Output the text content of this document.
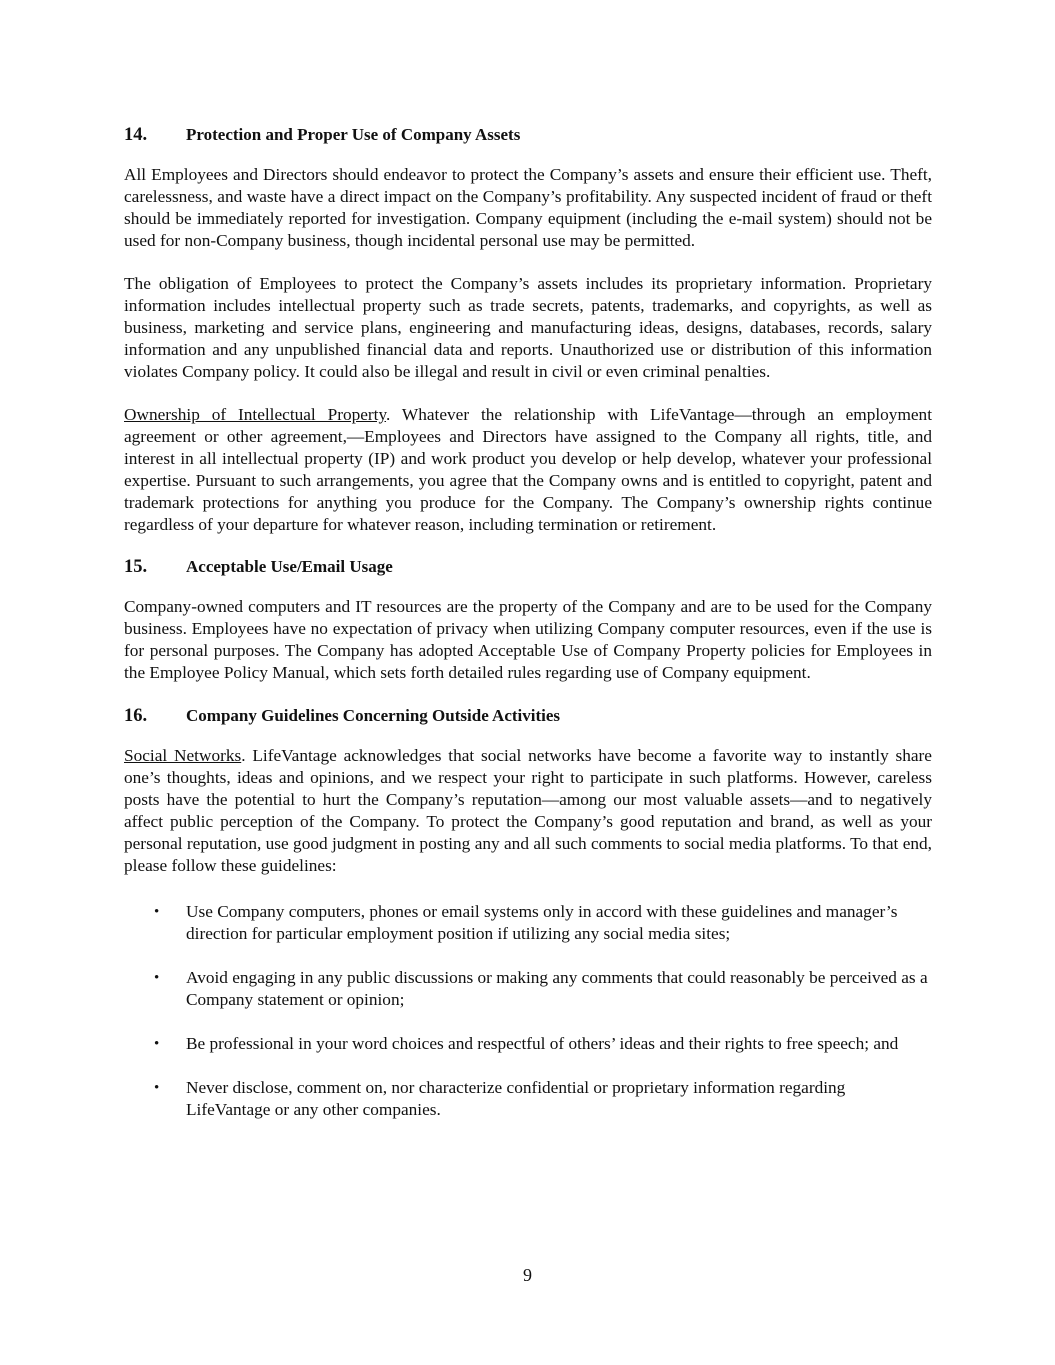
14.	Protection and Proper Use of Company Assets

All Employees and Directors should endeavor to protect the Company’s assets and ensure their efficient use. Theft, carelessness, and waste have a direct impact on the Company’s profitability. Any suspected incident of fraud or theft should be immediately reported for investigation. Company equipment (including the e-mail system) should not be used for non-Company business, though incidental personal use may be permitted.

The obligation of Employees to protect the Company’s assets includes its proprietary information. Proprietary information includes intellectual property such as trade secrets, patents, trademarks, and copyrights, as well as business, marketing and service plans, engineering and manufacturing ideas, designs, databases, records, salary information and any unpublished financial data and reports. Unauthorized use or distribution of this information violates Company policy. It could also be illegal and result in civil or even criminal penalties.

Ownership of Intellectual Property. Whatever the relationship with LifeVantage—through an employment agreement or other agreement,—Employees and Directors have assigned to the Company all rights, title, and interest in all intellectual property (IP) and work product you develop or help develop, whatever your professional expertise. Pursuant to such arrangements, you agree that the Company owns and is entitled to copyright, patent and trademark protections for anything you produce for the Company. The Company’s ownership rights continue regardless of your departure for whatever reason, including termination or retirement.

15.	Acceptable Use/Email Usage

Company-owned computers and IT resources are the property of the Company and are to be used for the Company business. Employees have no expectation of privacy when utilizing Company computer resources, even if the use is for personal purposes. The Company has adopted Acceptable Use of Company Property policies for Employees in the Employee Policy Manual, which sets forth detailed rules regarding use of Company equipment.

16.	Company Guidelines Concerning Outside Activities

Social Networks. LifeVantage acknowledges that social networks have become a favorite way to instantly share one’s thoughts, ideas and opinions, and we respect your right to participate in such platforms. However, careless posts have the potential to hurt the Company’s reputation—among our most valuable assets—and to negatively affect public perception of the Company. To protect the Company’s good reputation and brand, as well as your personal reputation, use good judgment in posting any and all such comments to social media platforms. To that end, please follow these guidelines:

•	Use Company computers, phones or email systems only in accord with these guidelines and manager’s direction for particular employment position if utilizing any social media sites;
•	Avoid engaging in any public discussions or making any comments that could reasonably be perceived as a Company statement or opinion;
•	Be professional in your word choices and respectful of others’ ideas and their rights to free speech; and
•	Never disclose, comment on, nor characterize confidential or proprietary information regarding LifeVantage or any other companies.
9
